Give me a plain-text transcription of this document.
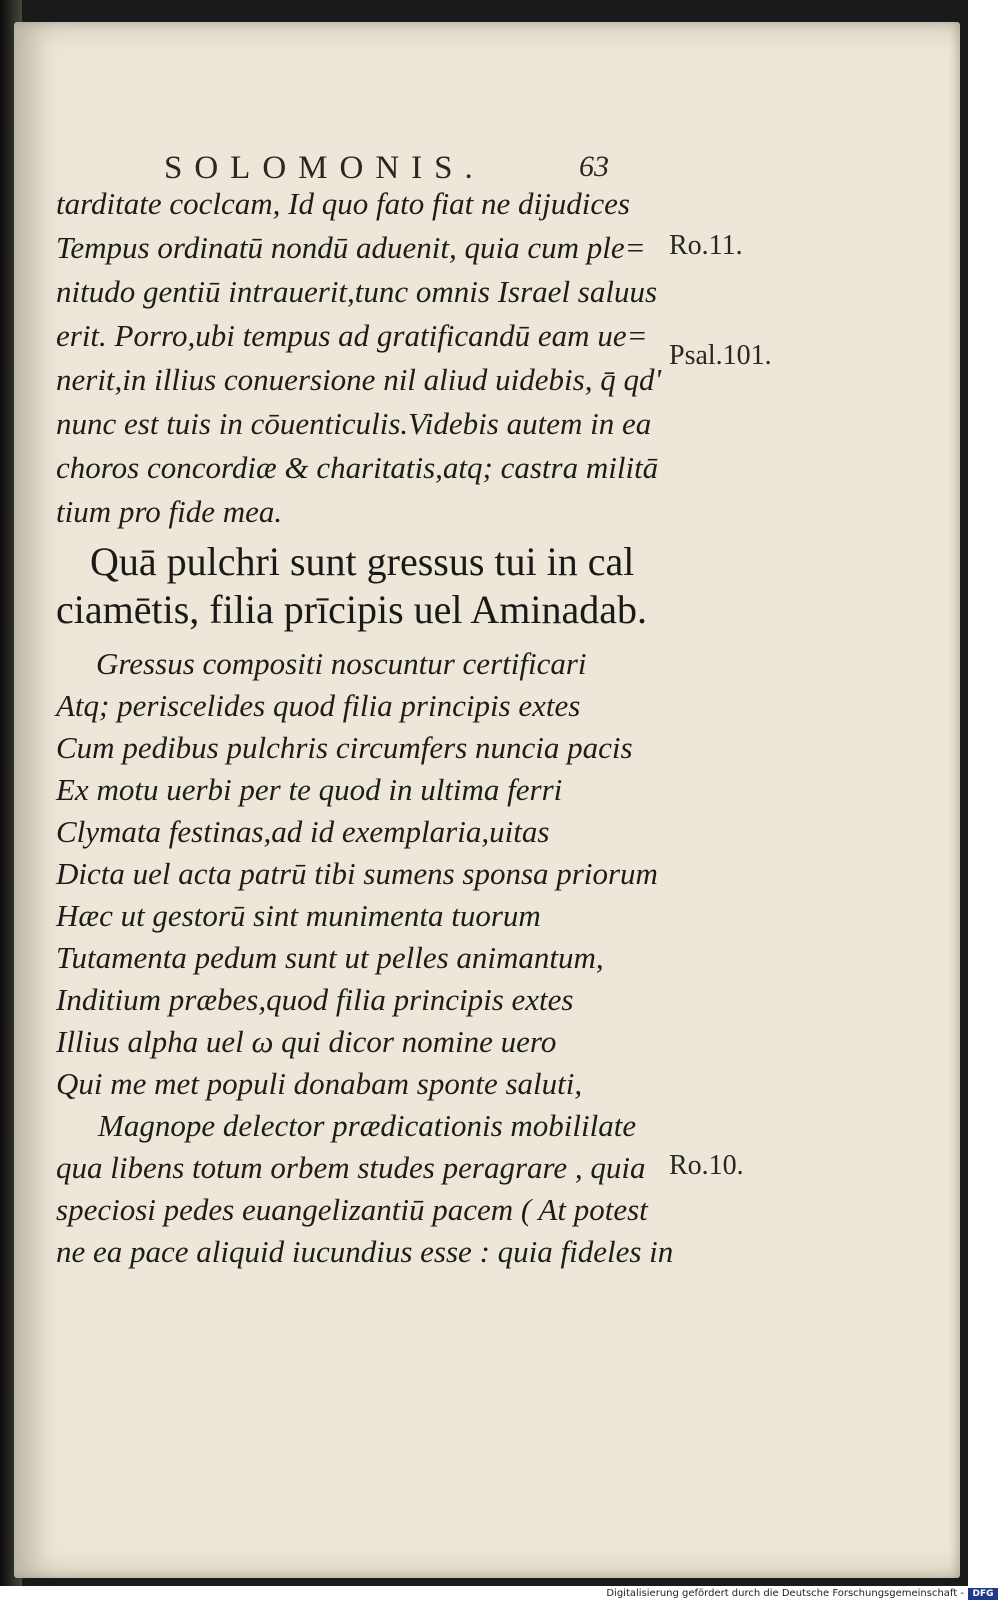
SOLOMONIS.	63
tarditate coclcam, Id quo fato fiat ne dijudices
Tempus ordinatū nondū aduenit, quia cum ple=
nitudo gentiū intrauerit,tunc omnis Israel saluus
erit. Porro,ubi tempus ad gratificandū eam ue=
nerit,in illius conuersione nil aliud uidebis, q̄ qd'
nunc est tuis in cōuenticulis.Videbis autem in ea
choros concordiæ & charitatis,atq; castra militā
tium pro fide mea.
Quā pulchri sunt gressus tui in cal
ciamētis, filia prīcipis uel Aminadab.
Gressus compositi noscuntur certificari
Atq; periscelides quod filia principis extes
Cum pedibus pulchris circumfers nuncia pacis
Ex motu uerbi per te quod in ultima ferri
Clymata festinas,ad id exemplaria,uitas
Dicta uel acta patrū tibi sumens sponsa priorum
Hæc ut gestorū sint munimenta tuorum
Tutamenta pedum sunt ut pelles animantum,
Inditium præbes,quod filia principis extes
Illius alpha uel ω qui dicor nomine uero
Qui me met populi donabam sponte saluti,
Magnope delector prædicationis mobililate
qua libens totum orbem studes peragrare , quia
speciosi pedes euangelizantiū pacem ( At potest
ne ea pace aliquid iucundius esse : quia fideles in
Ro.11.
Psal.101.
Ro.10.
Digitalisierung gefördert durch die Deutsche Forschungsgemeinschaft - DFG
